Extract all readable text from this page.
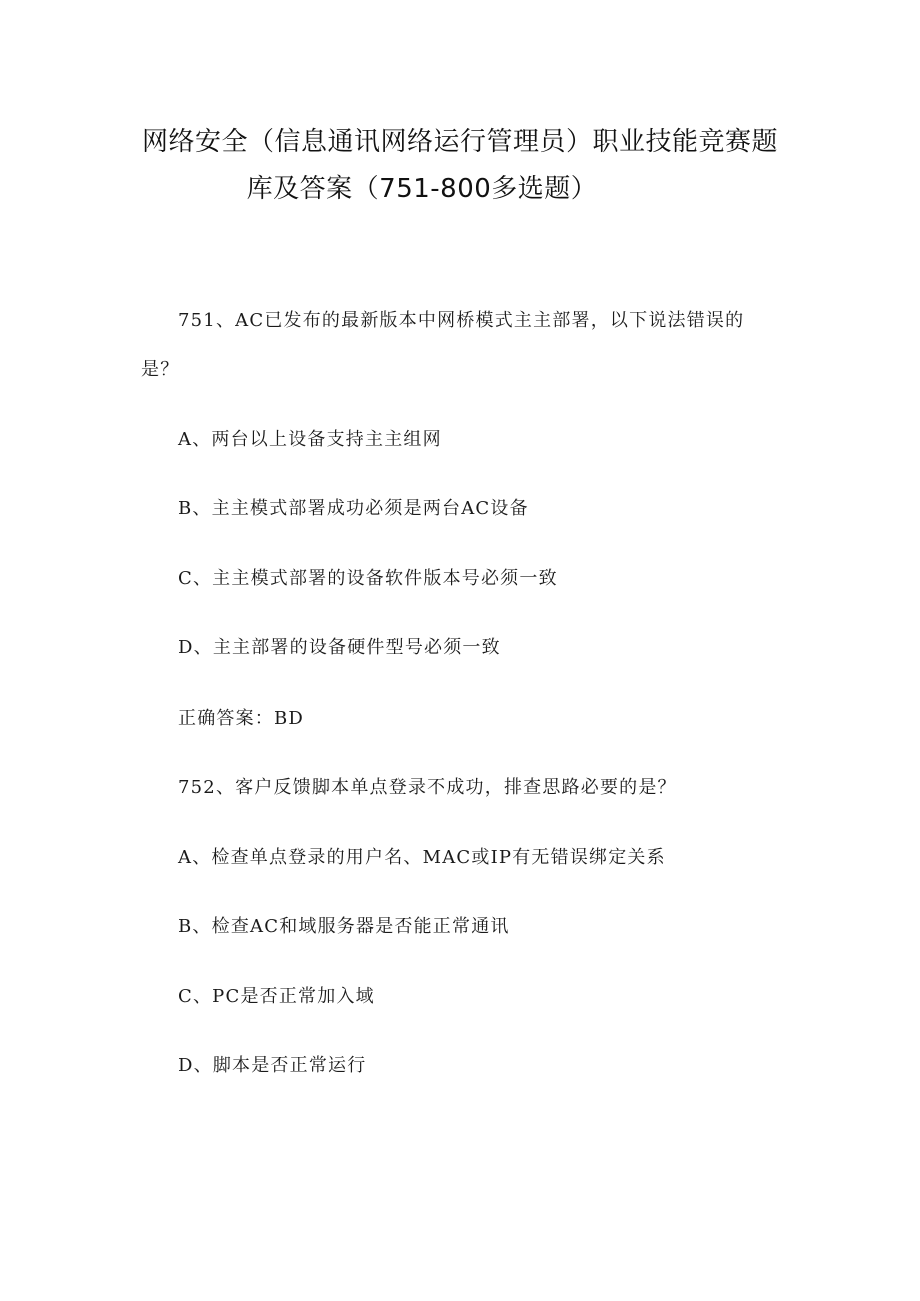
网络安全（信息通讯网络运行管理员）职业技能竞赛题
库及答案（751-800多选题）

751、AC已发布的最新版本中网桥模式主主部署，以下说法错误的

是？

A、两台以上设备支持主主组网

B、主主模式部署成功必须是两台AC设备

C、主主模式部署的设备软件版本号必须一致

D、主主部署的设备硬件型号必须一致

正确答案：BD

752、客户反馈脚本单点登录不成功，排查思路必要的是？

A、检查单点登录的用户名、MAC或IP有无错误绑定关系

B、检查AC和域服务器是否能正常通讯

C、PC是否正常加入域

D、脚本是否正常运行
